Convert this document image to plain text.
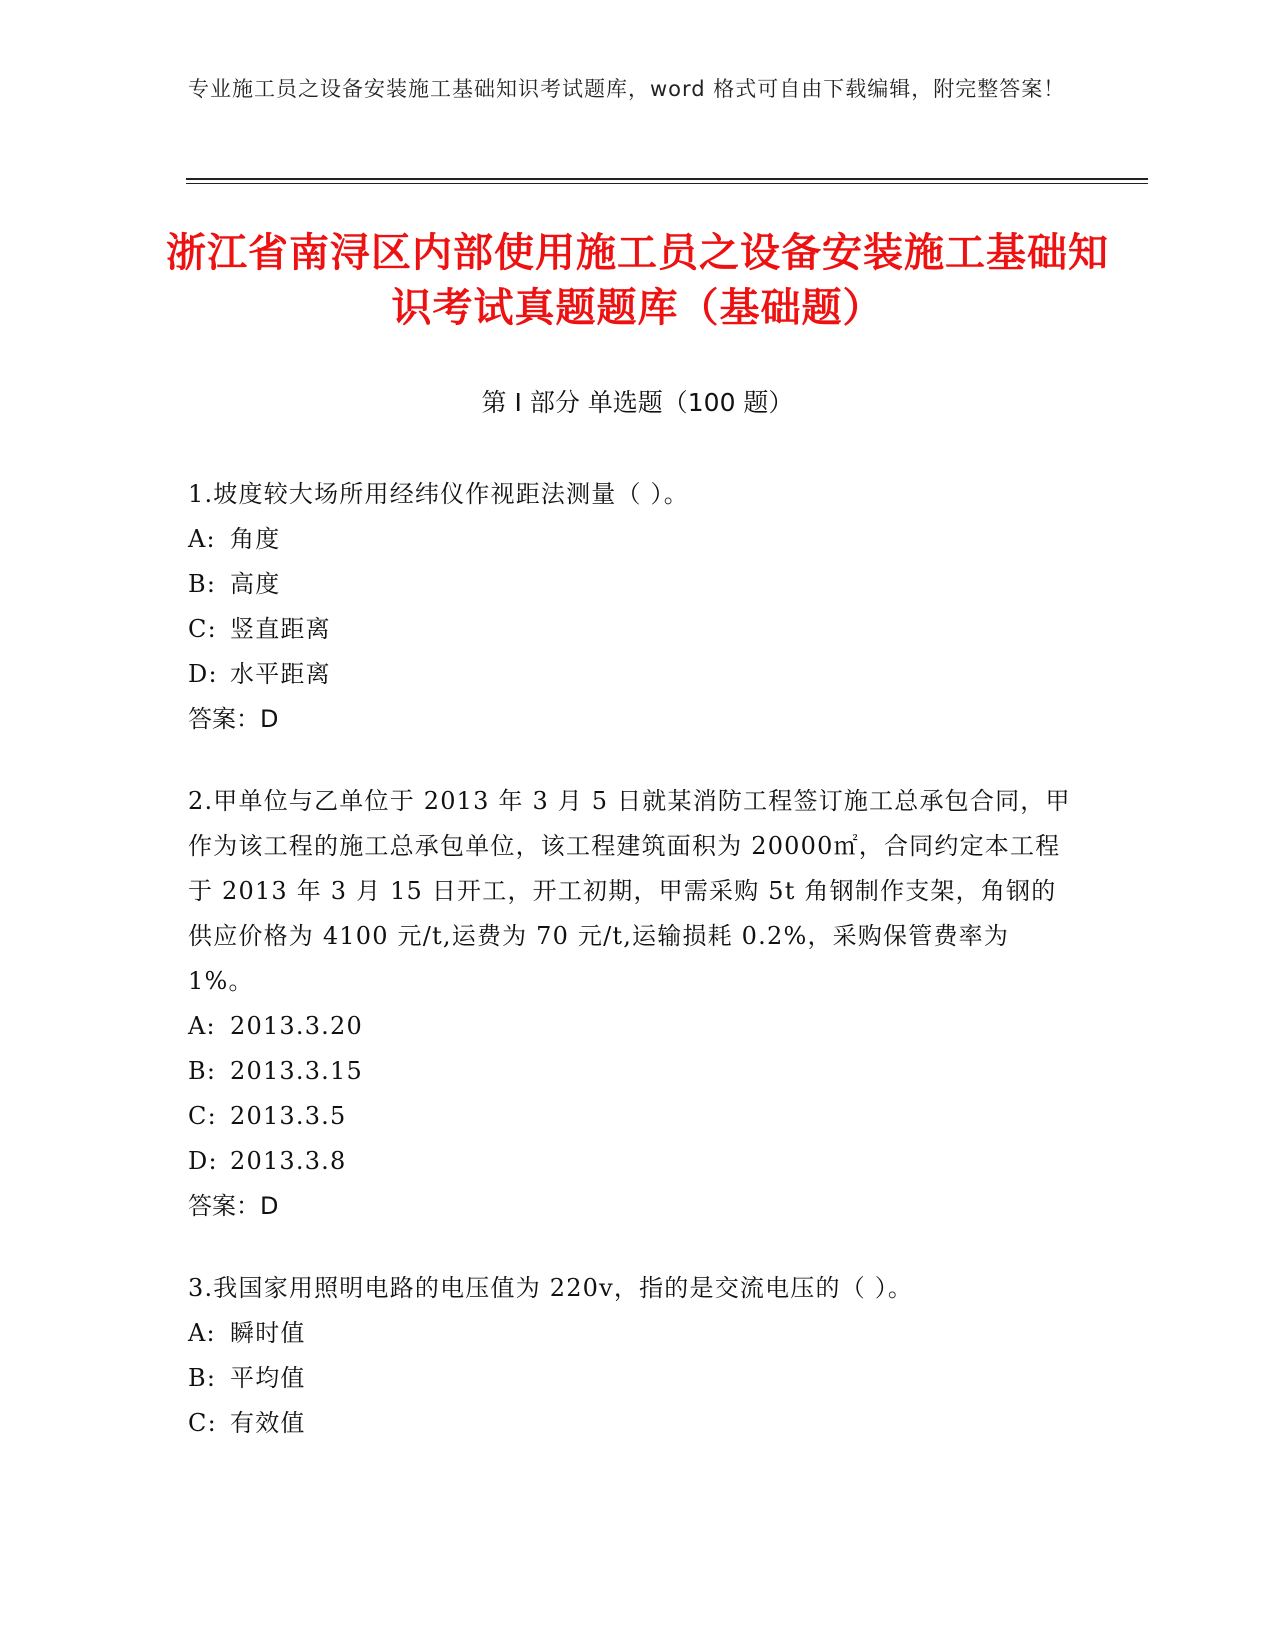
专业施工员之设备安装施工基础知识考试题库，word 格式可自由下载编辑，附完整答案！
浙江省南浔区内部使用施工员之设备安装施工基础知识考试真题题库（基础题）
第 I 部分 单选题（100 题）
1.坡度较大场所用经纬仪作视距法测量（ ）。
A: 角度
B: 高度
C: 竖直距离
D: 水平距离
答案：D
2.甲单位与乙单位于 2013 年 3 月 5 日就某消防工程签订施工总承包合同，甲作为该工程的施工总承包单位，该工程建筑面积为 20000㎡，合同约定本工程于 2013 年 3 月 15 日开工，开工初期，甲需采购 5t 角钢制作支架，角钢的供应价格为 4100 元/t,运费为 70 元/t,运输损耗 0.2%，采购保管费率为 1%。
A: 2013.3.20
B: 2013.3.15
C: 2013.3.5
D: 2013.3.8
答案：D
3.我国家用照明电路的电压值为 220v，指的是交流电压的（ ）。
A: 瞬时值
B: 平均值
C: 有效值
